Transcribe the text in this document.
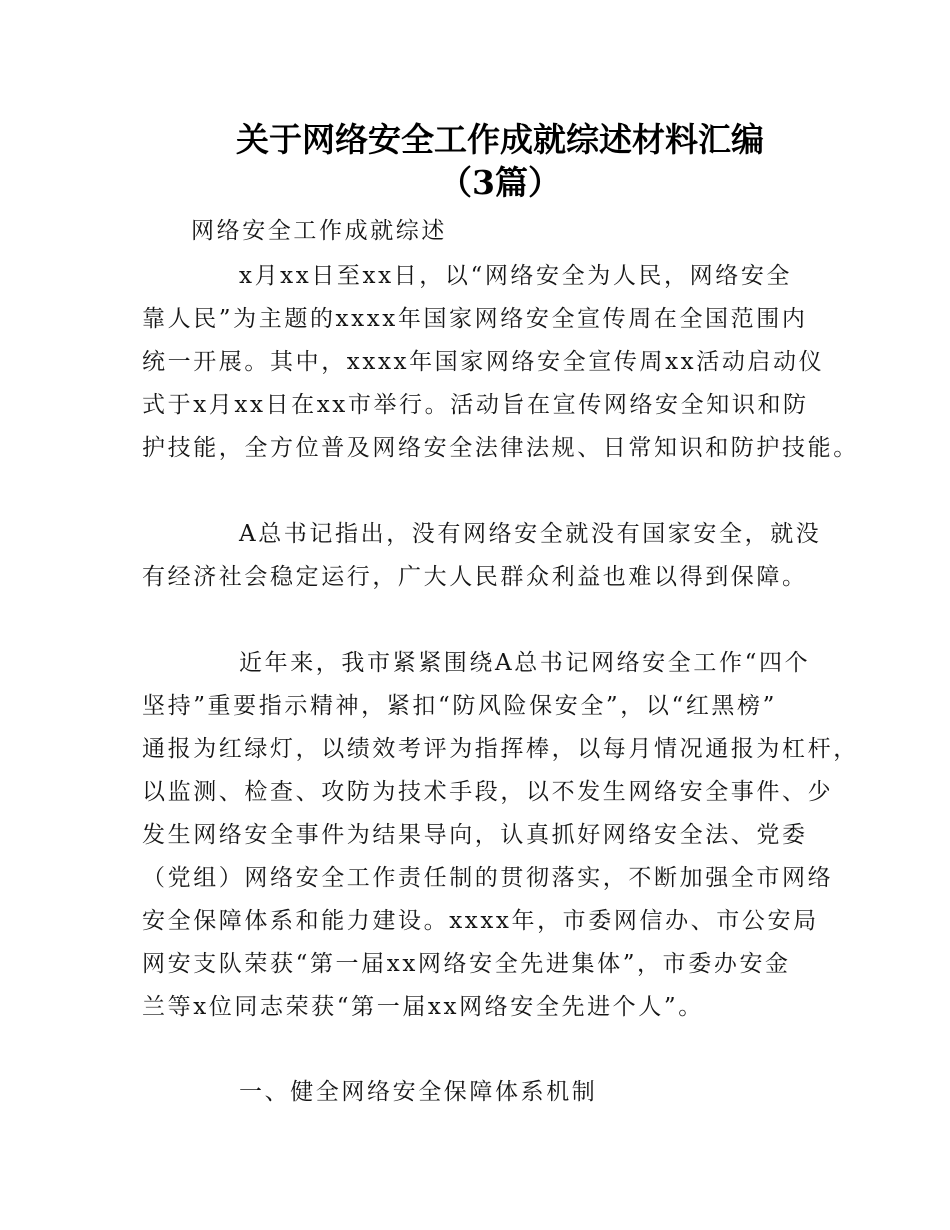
关于网络安全工作成就综述材料汇编
（3篇）

网络安全工作成就综述

x月xx日至xx日，以“网络安全为人民，网络安全

靠人民”为主题的xxxx年国家网络安全宣传周在全国范围内

统一开展。其中，xxxx年国家网络安全宣传周xx活动启动仪

式于x月xx日在xx市举行。活动旨在宣传网络安全知识和防

护技能，全方位普及网络安全法律法规、日常知识和防护技能。

A总书记指出，没有网络安全就没有国家安全，就没

有经济社会稳定运行，广大人民群众利益也难以得到保障。

近年来，我市紧紧围绕A总书记网络安全工作“四个

坚持”重要指示精神，紧扣“防风险保安全”，以“红黑榜”

通报为红绿灯，以绩效考评为指挥棒，以每月情况通报为杠杆，

以监测、检查、攻防为技术手段，以不发生网络安全事件、少

发生网络安全事件为结果导向，认真抓好网络安全法、党委

（党组）网络安全工作责任制的贯彻落实，不断加强全市网络

安全保障体系和能力建设。xxxx年，市委网信办、市公安局

网安支队荣获“第一届xx网络安全先进集体”，市委办安金

兰等x位同志荣获“第一届xx网络安全先进个人”。

一、健全网络安全保障体系机制
